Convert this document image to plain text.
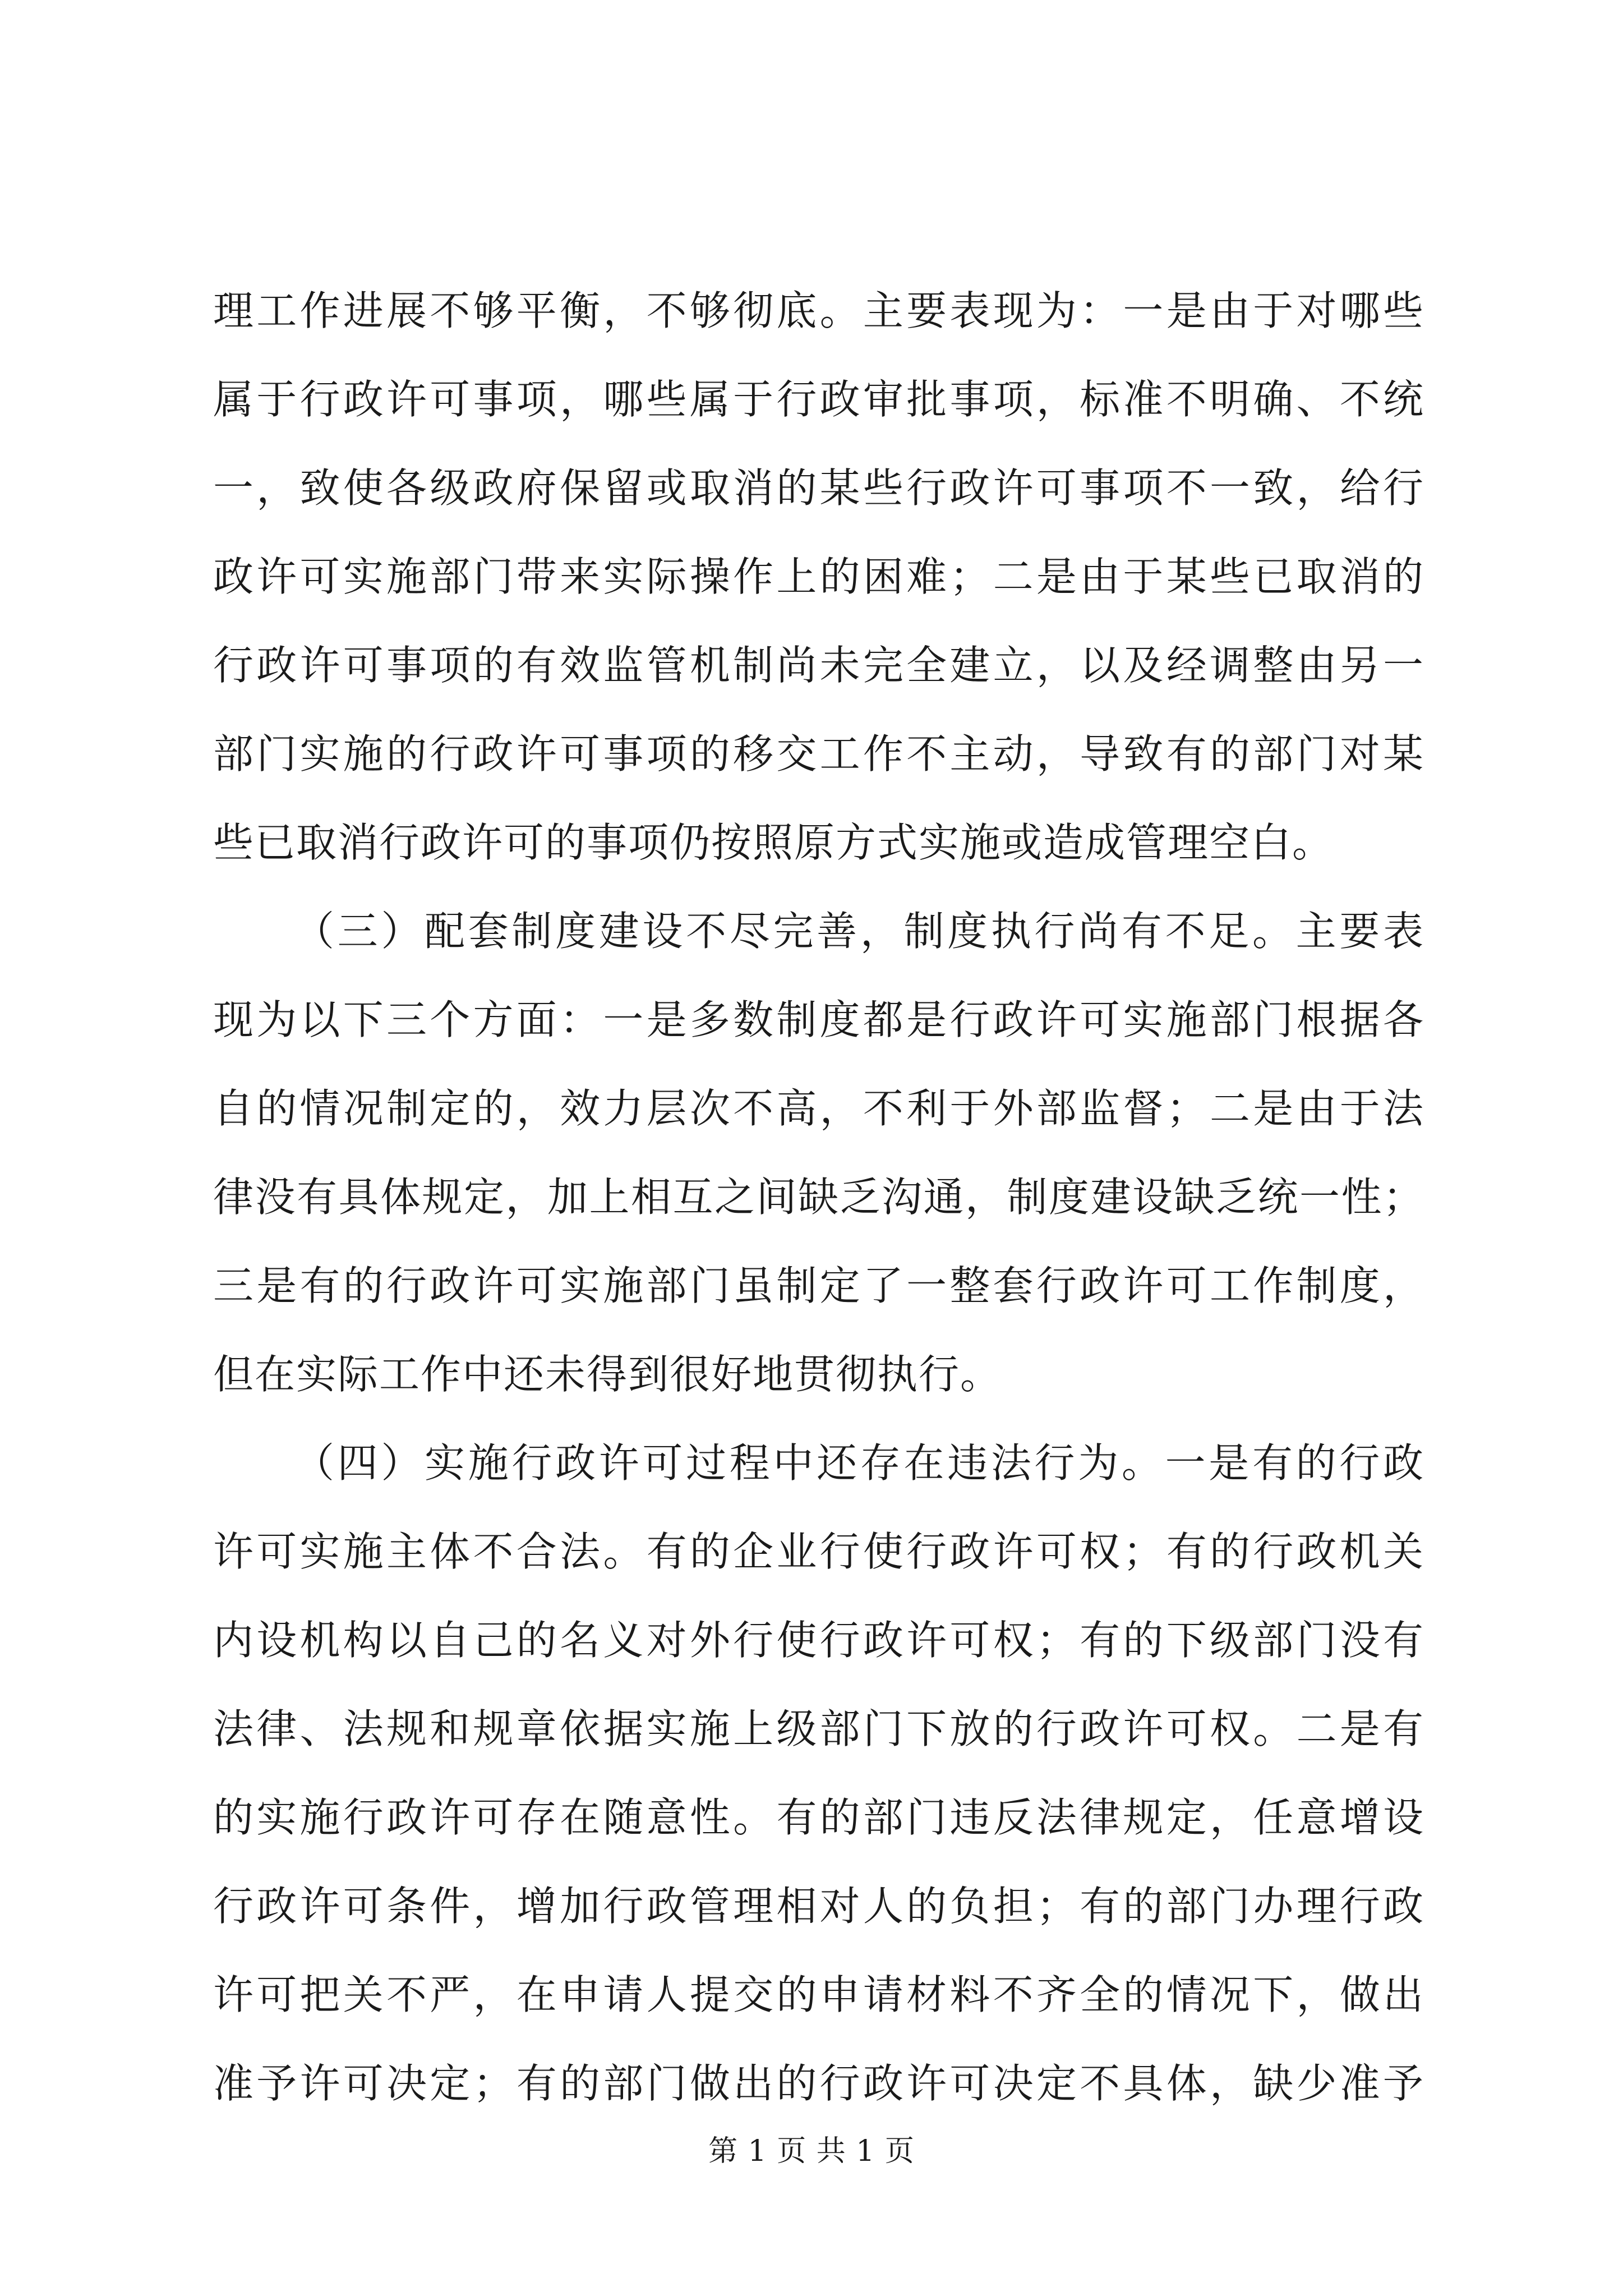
理工作进展不够平衡，不够彻底。主要表现为：一是由于对哪些
属于行政许可事项，哪些属于行政审批事项，标准不明确、不统
一，致使各级政府保留或取消的某些行政许可事项不一致，给行
政许可实施部门带来实际操作上的困难；二是由于某些已取消的
行政许可事项的有效监管机制尚未完全建立，以及经调整由另一
部门实施的行政许可事项的移交工作不主动，导致有的部门对某
些已取消行政许可的事项仍按照原方式实施或造成管理空白。

（三）配套制度建设不尽完善，制度执行尚有不足。主要表
现为以下三个方面：一是多数制度都是行政许可实施部门根据各
自的情况制定的，效力层次不高，不利于外部监督；二是由于法
律没有具体规定，加上相互之间缺乏沟通，制度建设缺乏统一性；
三是有的行政许可实施部门虽制定了一整套行政许可工作制度，
但在实际工作中还未得到很好地贯彻执行。

（四）实施行政许可过程中还存在违法行为。一是有的行政
许可实施主体不合法。有的企业行使行政许可权；有的行政机关
内设机构以自己的名义对外行使行政许可权；有的下级部门没有
法律、法规和规章依据实施上级部门下放的行政许可权。二是有
的实施行政许可存在随意性。有的部门违反法律规定，任意增设
行政许可条件，增加行政管理相对人的负担；有的部门办理行政
许可把关不严，在申请人提交的申请材料不齐全的情况下，做出
准予许可决定；有的部门做出的行政许可决定不具体，缺少准予

第 1 页 共 1 页
